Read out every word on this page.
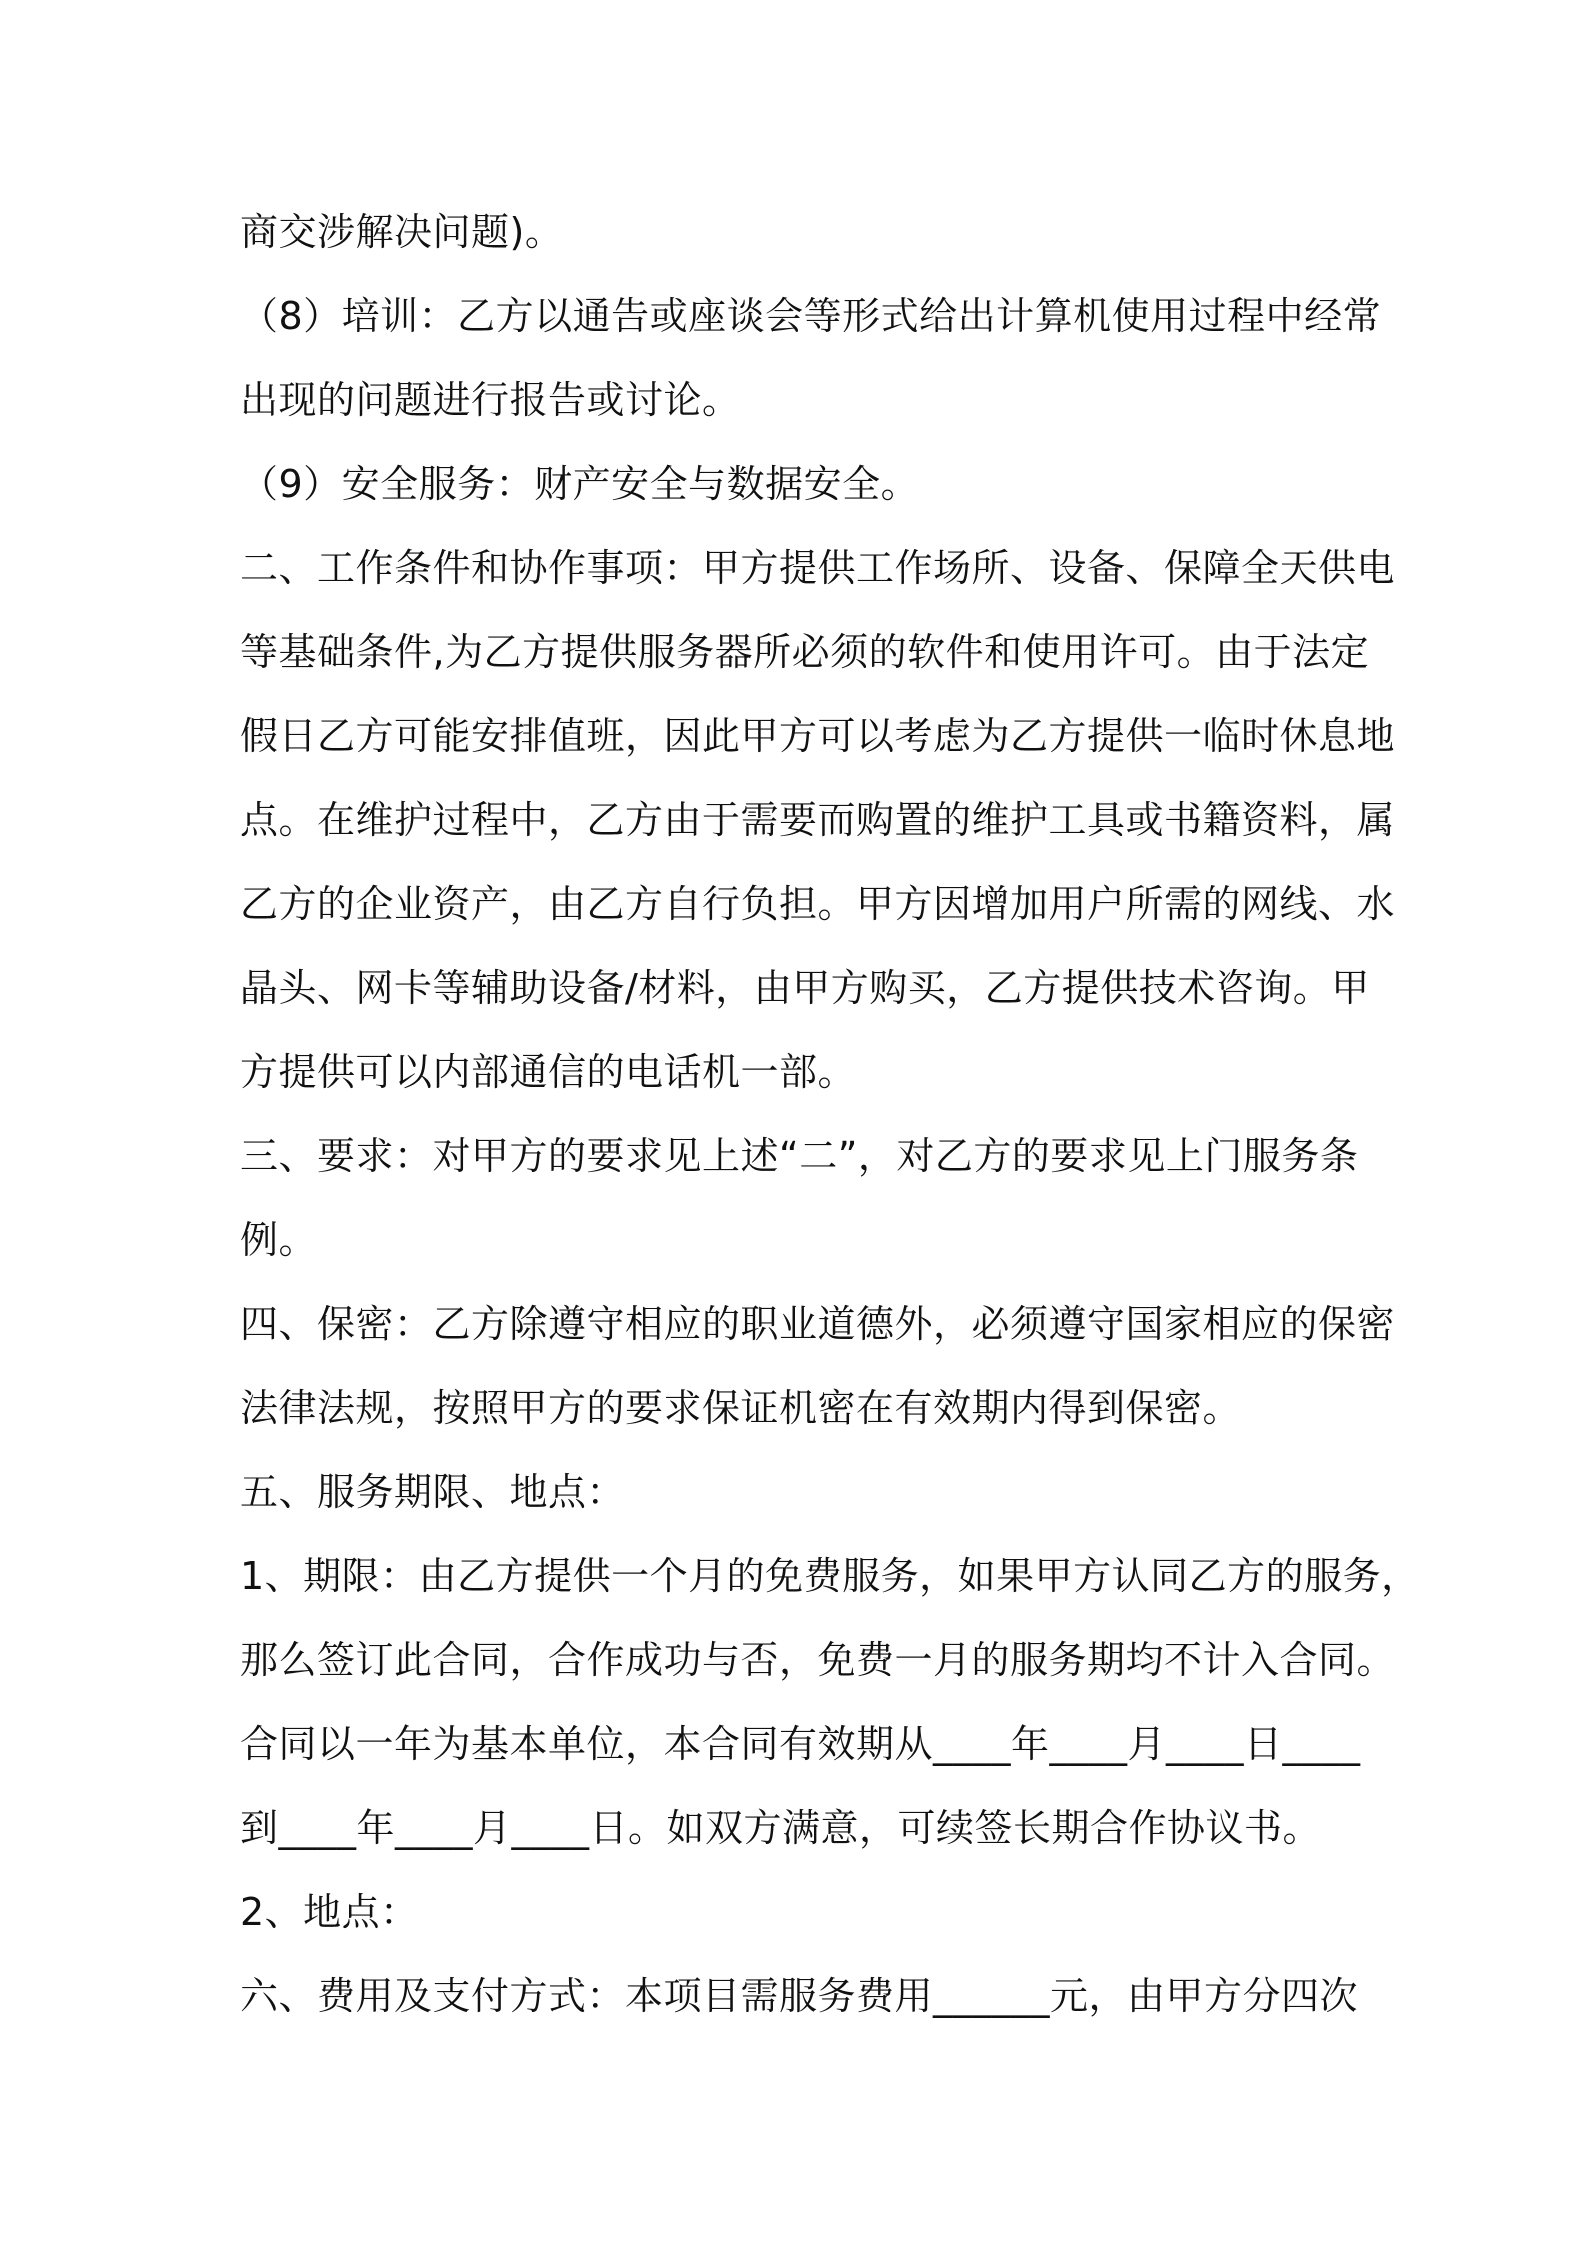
商交涉解决问题)。
（8）培训：乙方以通告或座谈会等形式给出计算机使用过程中经常
出现的问题进行报告或讨论。
（9）安全服务：财产安全与数据安全。
二、工作条件和协作事项：甲方提供工作场所、设备、保障全天供电
等基础条件,为乙方提供服务器所必须的软件和使用许可。由于法定
假日乙方可能安排值班，因此甲方可以考虑为乙方提供一临时休息地
点。在维护过程中，乙方由于需要而购置的维护工具或书籍资料，属
乙方的企业资产，由乙方自行负担。甲方因增加用户所需的网线、水
晶头、网卡等辅助设备/材料，由甲方购买，乙方提供技术咨询。甲
方提供可以内部通信的电话机一部。
三、要求：对甲方的要求见上述“二”，对乙方的要求见上门服务条
例。
四、保密：乙方除遵守相应的职业道德外，必须遵守国家相应的保密
法律法规，按照甲方的要求保证机密在有效期内得到保密。
五、服务期限、地点：
1、期限：由乙方提供一个月的免费服务，如果甲方认同乙方的服务，
那么签订此合同，合作成功与否，免费一月的服务期均不计入合同。
合同以一年为基本单位，本合同有效期从____年____月____日____
到____年____月____日。如双方满意，可续签长期合作协议书。
2、地点：
六、费用及支付方式：本项目需服务费用______元，由甲方分四次
